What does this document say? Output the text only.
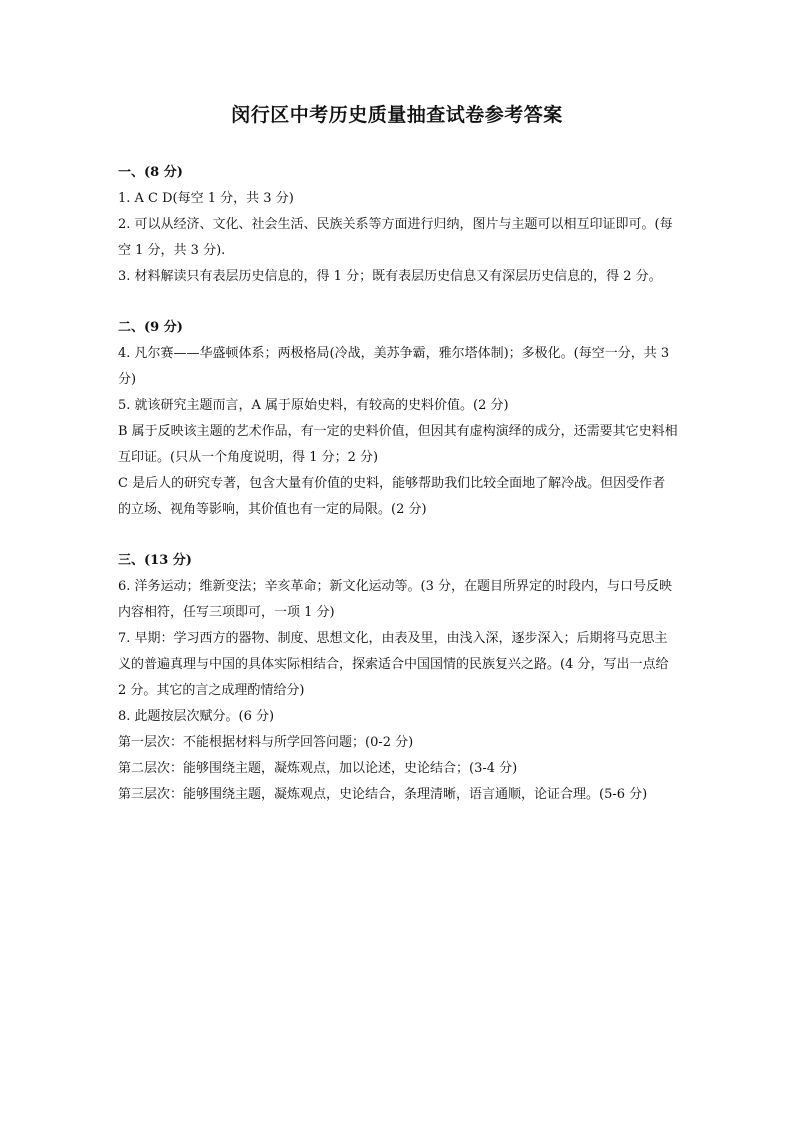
闵行区中考历史质量抽查试卷参考答案

一、(8 分)

1. A C D(每空 1 分，共 3 分)

2. 可以从经济、文化、社会生活、民族关系等方面进行归纳，图片与主题可以相互印证即可。(每空 1 分，共 3 分).

3. 材料解读只有表层历史信息的，得 1 分；既有表层历史信息又有深层历史信息的，得 2 分。

二、(9 分)

4. 凡尔赛——华盛顿体系；两极格局(冷战，美苏争霸，雅尔塔体制)；多极化。(每空一分，共 3 分)

5. 就该研究主题而言，A 属于原始史料，有较高的史料价值。(2 分)

B 属于反映该主题的艺术作品，有一定的史料价值，但因其有虚构演绎的成分，还需要其它史料相互印证。(只从一个角度说明，得 1 分；2 分)

C 是后人的研究专著，包含大量有价值的史料，能够帮助我们比较全面地了解冷战。但因受作者的立场、视角等影响，其价值也有一定的局限。(2 分)

三、(13 分)

6. 洋务运动；维新变法；辛亥革命；新文化运动等。(3 分，在题目所界定的时段内，与口号反映内容相符，任写三项即可，一项 1 分)

7. 早期：学习西方的器物、制度、思想文化，由表及里，由浅入深，逐步深入；后期将马克思主义的普遍真理与中国的具体实际相结合，探索适合中国国情的民族复兴之路。(4 分，写出一点给 2 分。其它的言之成理酌情给分)

8. 此题按层次赋分。(6 分)

第一层次：不能根据材料与所学回答问题；(0-2 分)

第二层次：能够围绕主题，凝炼观点，加以论述，史论结合；(3-4 分)

第三层次：能够围绕主题，凝炼观点，史论结合，条理清晰，语言通顺，论证合理。(5-6 分)
